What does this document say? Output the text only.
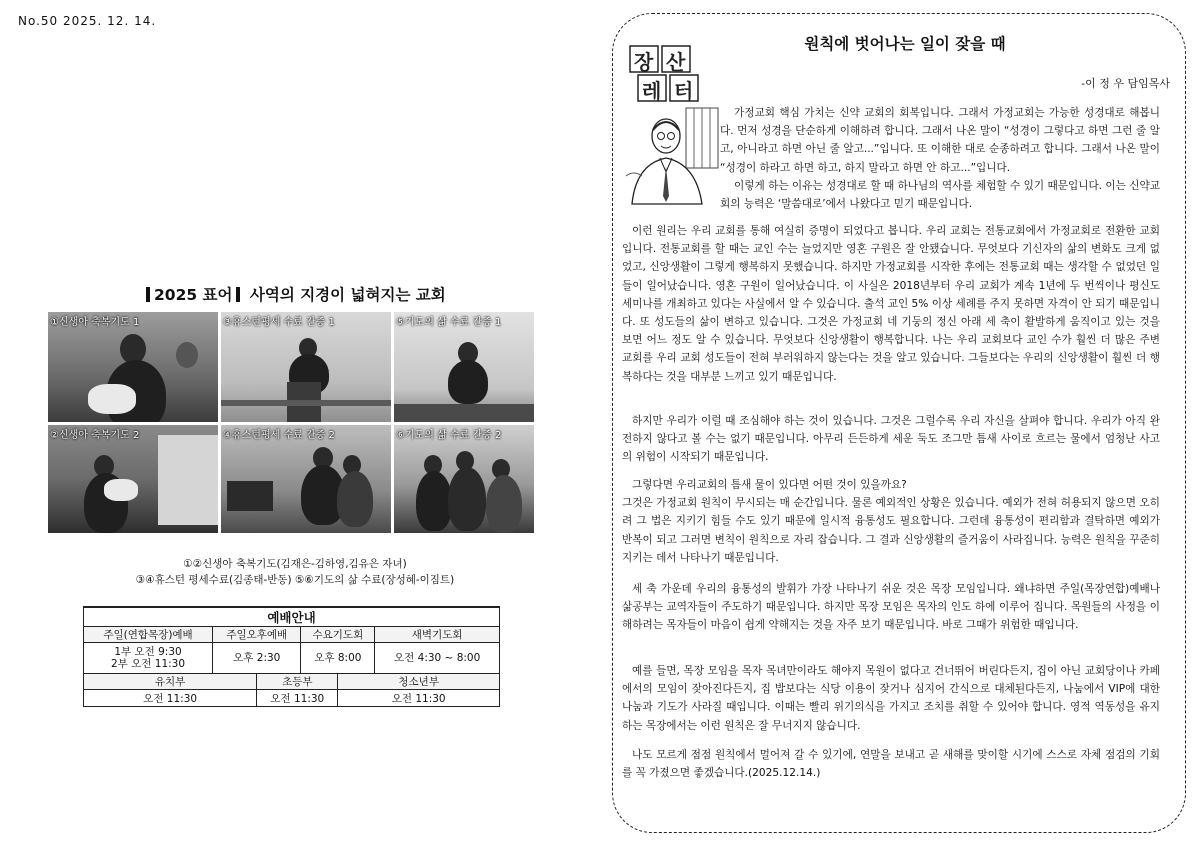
No.50 2025. 12. 14.
2025 표어 사역의 지경이 넓혀지는 교회
①신생아 축복기도 1	③휴스턴평세 수료 간증 1	⑤기도의 삶 수료 간증 1
②신생아 축복기도 2	④휴스턴평세 수료 간증 2	⑥기도의 삶 수료 간증 2
①②신생아 축복기도(김재은-김하영,김유은 자녀)
③④휴스턴 평세수료(김종태-반동) ⑤⑥기도의 삶 수료(장성혜-이짐트)
예배안내					
주일(연합목장)예배	주일오후예배		수요기도회		새벽기도회

1부 오전 9:30
2부 오전 11:30	오후 2:30		오후 8:00		오전 4:30 ~ 8:00
유치부		초등부		청소년부	
오전 11:30		오전 11:30		오전 11:30	
장 산
레 터
원칙에 벗어나는 일이 잦을 때
-이 정 우 담임목사
가정교회 핵심 가치는 신약 교회의 회복입니다. 그래서 가정교회는 가능한 성경대로 해봅니다. 먼저 성경을 단순하게 이해하려 합니다. 그래서 나온 말이 “성경이 그렇다고 하면 그런 줄 알고, 아니라고 하면 아닌 줄 알고...”입니다. 또 이해한 대로 순종하려고 합니다. 그래서 나온 말이 “성경이 하라고 하면 하고, 하지 말라고 하면 안 하고...”입니다.
이렇게 하는 이유는 성경대로 할 때 하나님의 역사를 체험할 수 있기 때문입니다. 이는 신약교회의 능력은 ‘말씀대로’에서 나왔다고 믿기 때문입니다.
이런 원리는 우리 교회를 통해 여실히 증명이 되었다고 봅니다. 우리 교회는 전통교회에서 가정교회로 전환한 교회입니다. 전통교회를 할 때는 교인 수는 늘었지만 영혼 구원은 잘 안됐습니다. 무엇보다 기신자의 삶의 변화도 크게 없었고, 신앙생활이 그렇게 행복하지 못했습니다. 하지만 가정교회를 시작한 후에는 전통교회 때는 생각할 수 없었던 일들이 일어났습니다. 영혼 구원이 일어났습니다. 이 사실은 2018년부터 우리 교회가 계속 1년에 두 번씩이나 평신도 세미나를 개최하고 있다는 사실에서 알 수 있습니다. 출석 교인 5% 이상 세례를 주지 못하면 자격이 안 되기 때문입니다. 또 성도들의 삶이 변하고 있습니다. 그것은 가정교회 네 기둥의 정신 아래 세 축이 활발하게 움직이고 있는 것을 보면 어느 정도 알 수 있습니다. 무엇보다 신앙생활이 행복합니다. 나는 우리 교회보다 교인 수가 훨씬 더 많은 주변 교회를 우리 교회 성도들이 전혀 부러워하지 않는다는 것을 알고 있습니다. 그들보다는 우리의 신앙생활이 훨씬 더 행복하다는 것을 대부분 느끼고 있기 때문입니다.
하지만 우리가 이럴 때 조심해야 하는 것이 있습니다. 그것은 그럴수록 우리 자신을 살펴야 합니다. 우리가 아직 완전하지 않다고 볼 수는 없기 때문입니다. 아무리 든든하게 세운 둑도 조그만 틈새 사이로 흐르는 물에서 엄청난 사고의 위험이 시작되기 때문입니다.
그렇다면 우리교회의 틈새 물이 있다면 어떤 것이 있을까요?
그것은 가정교회 원칙이 무시되는 매 순간입니다. 물론 예외적인 상황은 있습니다. 예외가 전혀 허용되지 않으면 오히려 그 법은 지키기 힘들 수도 있기 때문에 일시적 융통성도 필요합니다. 그런데 융통성이 편리함과 결탁하면 예외가 반복이 되고 그러면 변칙이 원칙으로 자리 잡습니다. 그 결과 신앙생활의 즐거움이 사라집니다. 능력은 원칙을 꾸준히 지키는 데서 나타나기 때문입니다.
세 축 가운데 우리의 융통성의 발휘가 가장 나타나기 쉬운 것은 목장 모임입니다. 왜냐하면 주일(목장연합)예배나 삶공부는 교역자들이 주도하기 때문입니다. 하지만 목장 모임은 목자의 인도 하에 이루어 집니다. 목원들의 사정을 이해하려는 목자들이 마음이 쉽게 약해지는 것을 자주 보기 때문입니다. 바로 그때가 위험한 때입니다.
예를 들면, 목장 모임을 목자 목녀만이라도 해야지 목원이 없다고 건너뛰어 버린다든지, 집이 아닌 교회당이나 카페에서의 모임이 잦아진다든지, 집 밥보다는 식당 이용이 잦거나 심지어 간식으로 대체된다든지, 나눔에서 VIP에 대한 나눔과 기도가 사라질 때입니다. 이때는 빨리 위기의식을 가지고 조치를 취할 수 있어야 합니다. 영적 역동성을 유지하는 목장에서는 이런 원칙은 잘 무너지지 않습니다.
나도 모르게 점점 원칙에서 멀어져 갈 수 있기에, 연말을 보내고 곧 새해를 맞이할 시기에 스스로 자체 점검의 기회를 꼭 가졌으면 좋겠습니다.(2025.12.14.)
